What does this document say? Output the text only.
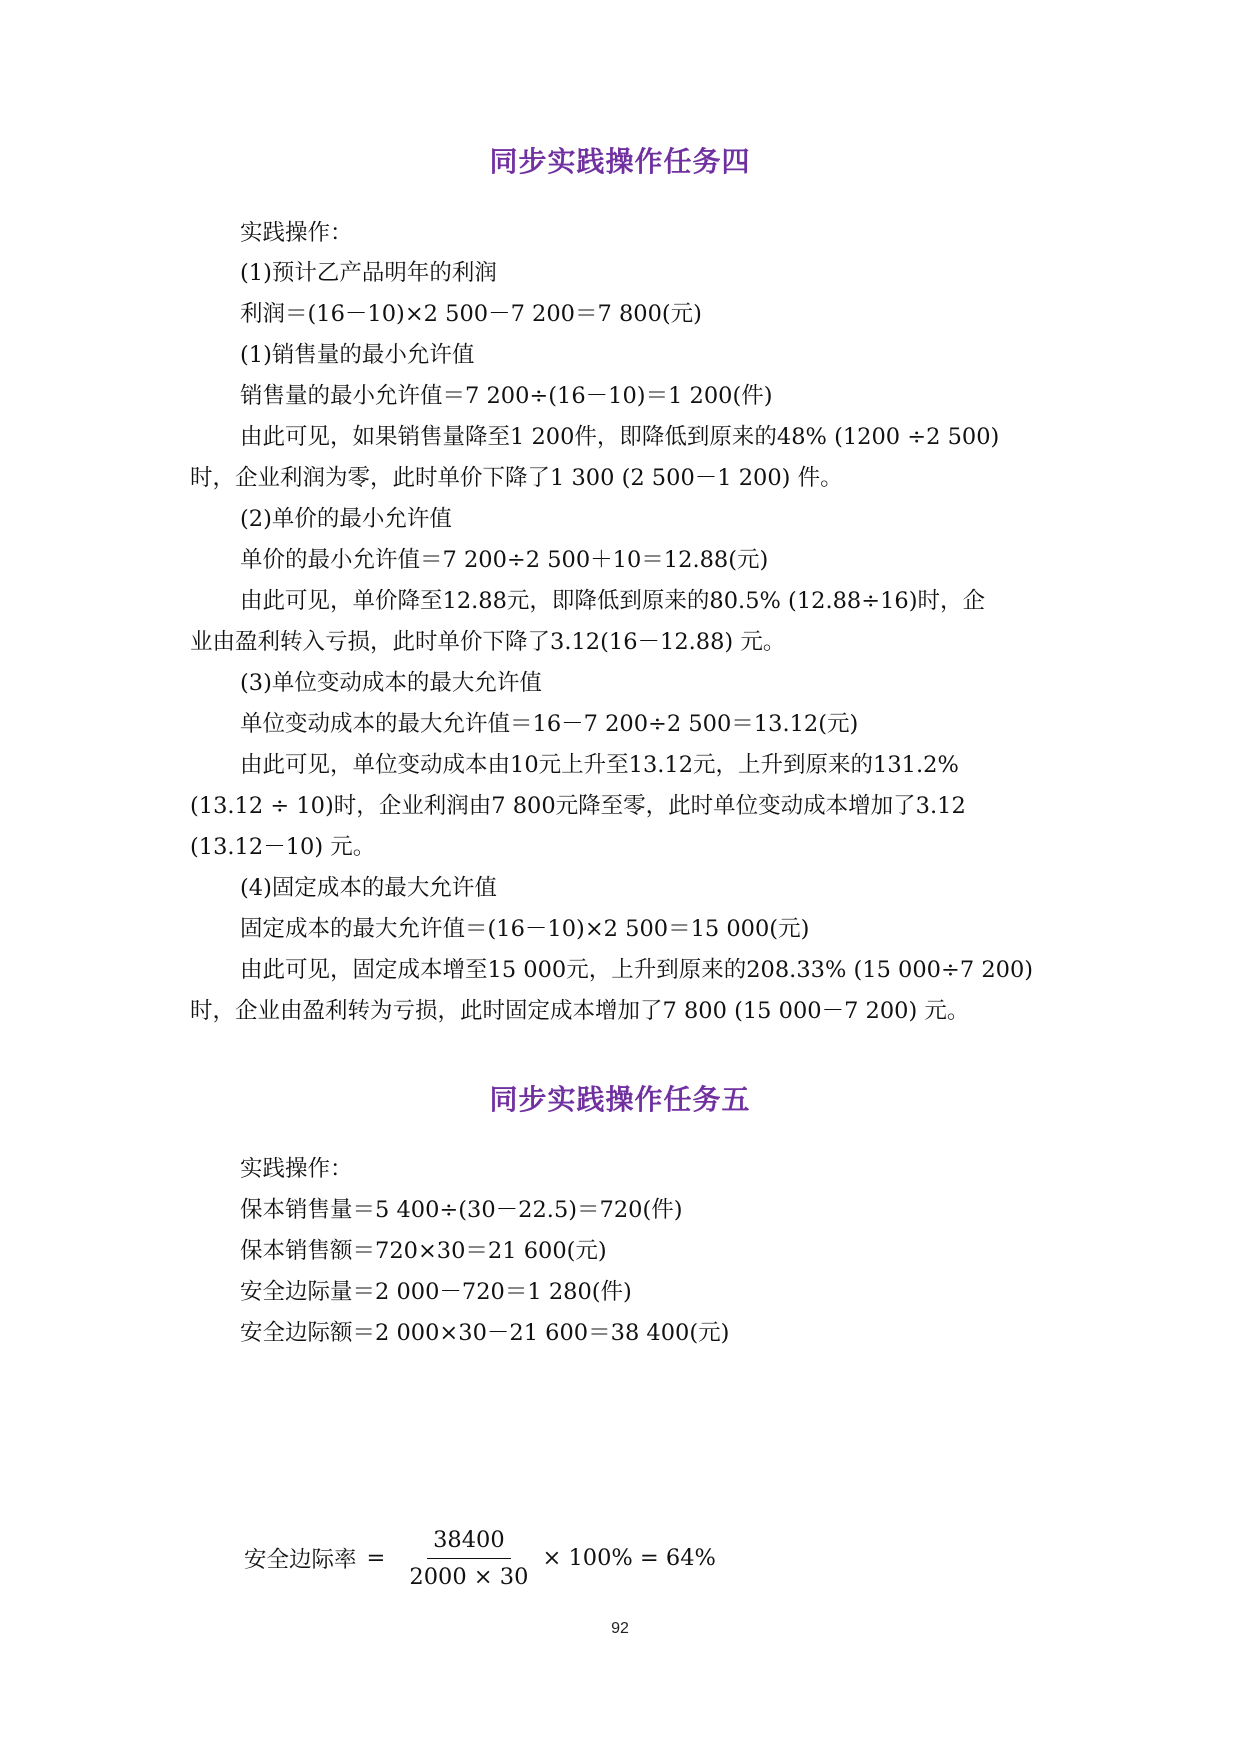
同步实践操作任务四
实践操作：
(1)预计乙产品明年的利润
利润＝(16－10)×2 500－7 200＝7 800(元)
(1)销售量的最小允许值
销售量的最小允许值＝7 200÷(16－10)＝1 200(件)
由此可见，如果销售量降至1 200件，即降低到原来的48% (1200 ÷2 500)
时，企业利润为零，此时单价下降了1 300 (2 500－1 200) 件。
(2)单价的最小允许值
单价的最小允许值＝7 200÷2 500＋10＝12.88(元)
由此可见，单价降至12.88元，即降低到原来的80.5% (12.88÷16)时，企
业由盈利转入亏损，此时单价下降了3.12(16－12.88) 元。
(3)单位变动成本的最大允许值
单位变动成本的最大允许值＝16－7 200÷2 500＝13.12(元)
由此可见，单位变动成本由10元上升至13.12元，上升到原来的131.2%
(13.12 ÷ 10)时，企业利润由7 800元降至零，此时单位变动成本增加了3.12
(13.12－10) 元。
(4)固定成本的最大允许值
固定成本的最大允许值＝(16－10)×2 500＝15 000(元)
由此可见，固定成本增至15 000元，上升到原来的208.33% (15 000÷7 200)
时，企业由盈利转为亏损，此时固定成本增加了7 800 (15 000－7 200) 元。
同步实践操作任务五
实践操作：
保本销售量＝5 400÷(30－22.5)＝720(件)
保本销售额＝720×30＝21 600(元)
安全边际量＝2 000－720＝1 280(件)
安全边际额＝2 000×30－21 600＝38 400(元)
安全边际率 = $\frac{38400}{2000 \times 30} \times 100\% = 64\%$
92
